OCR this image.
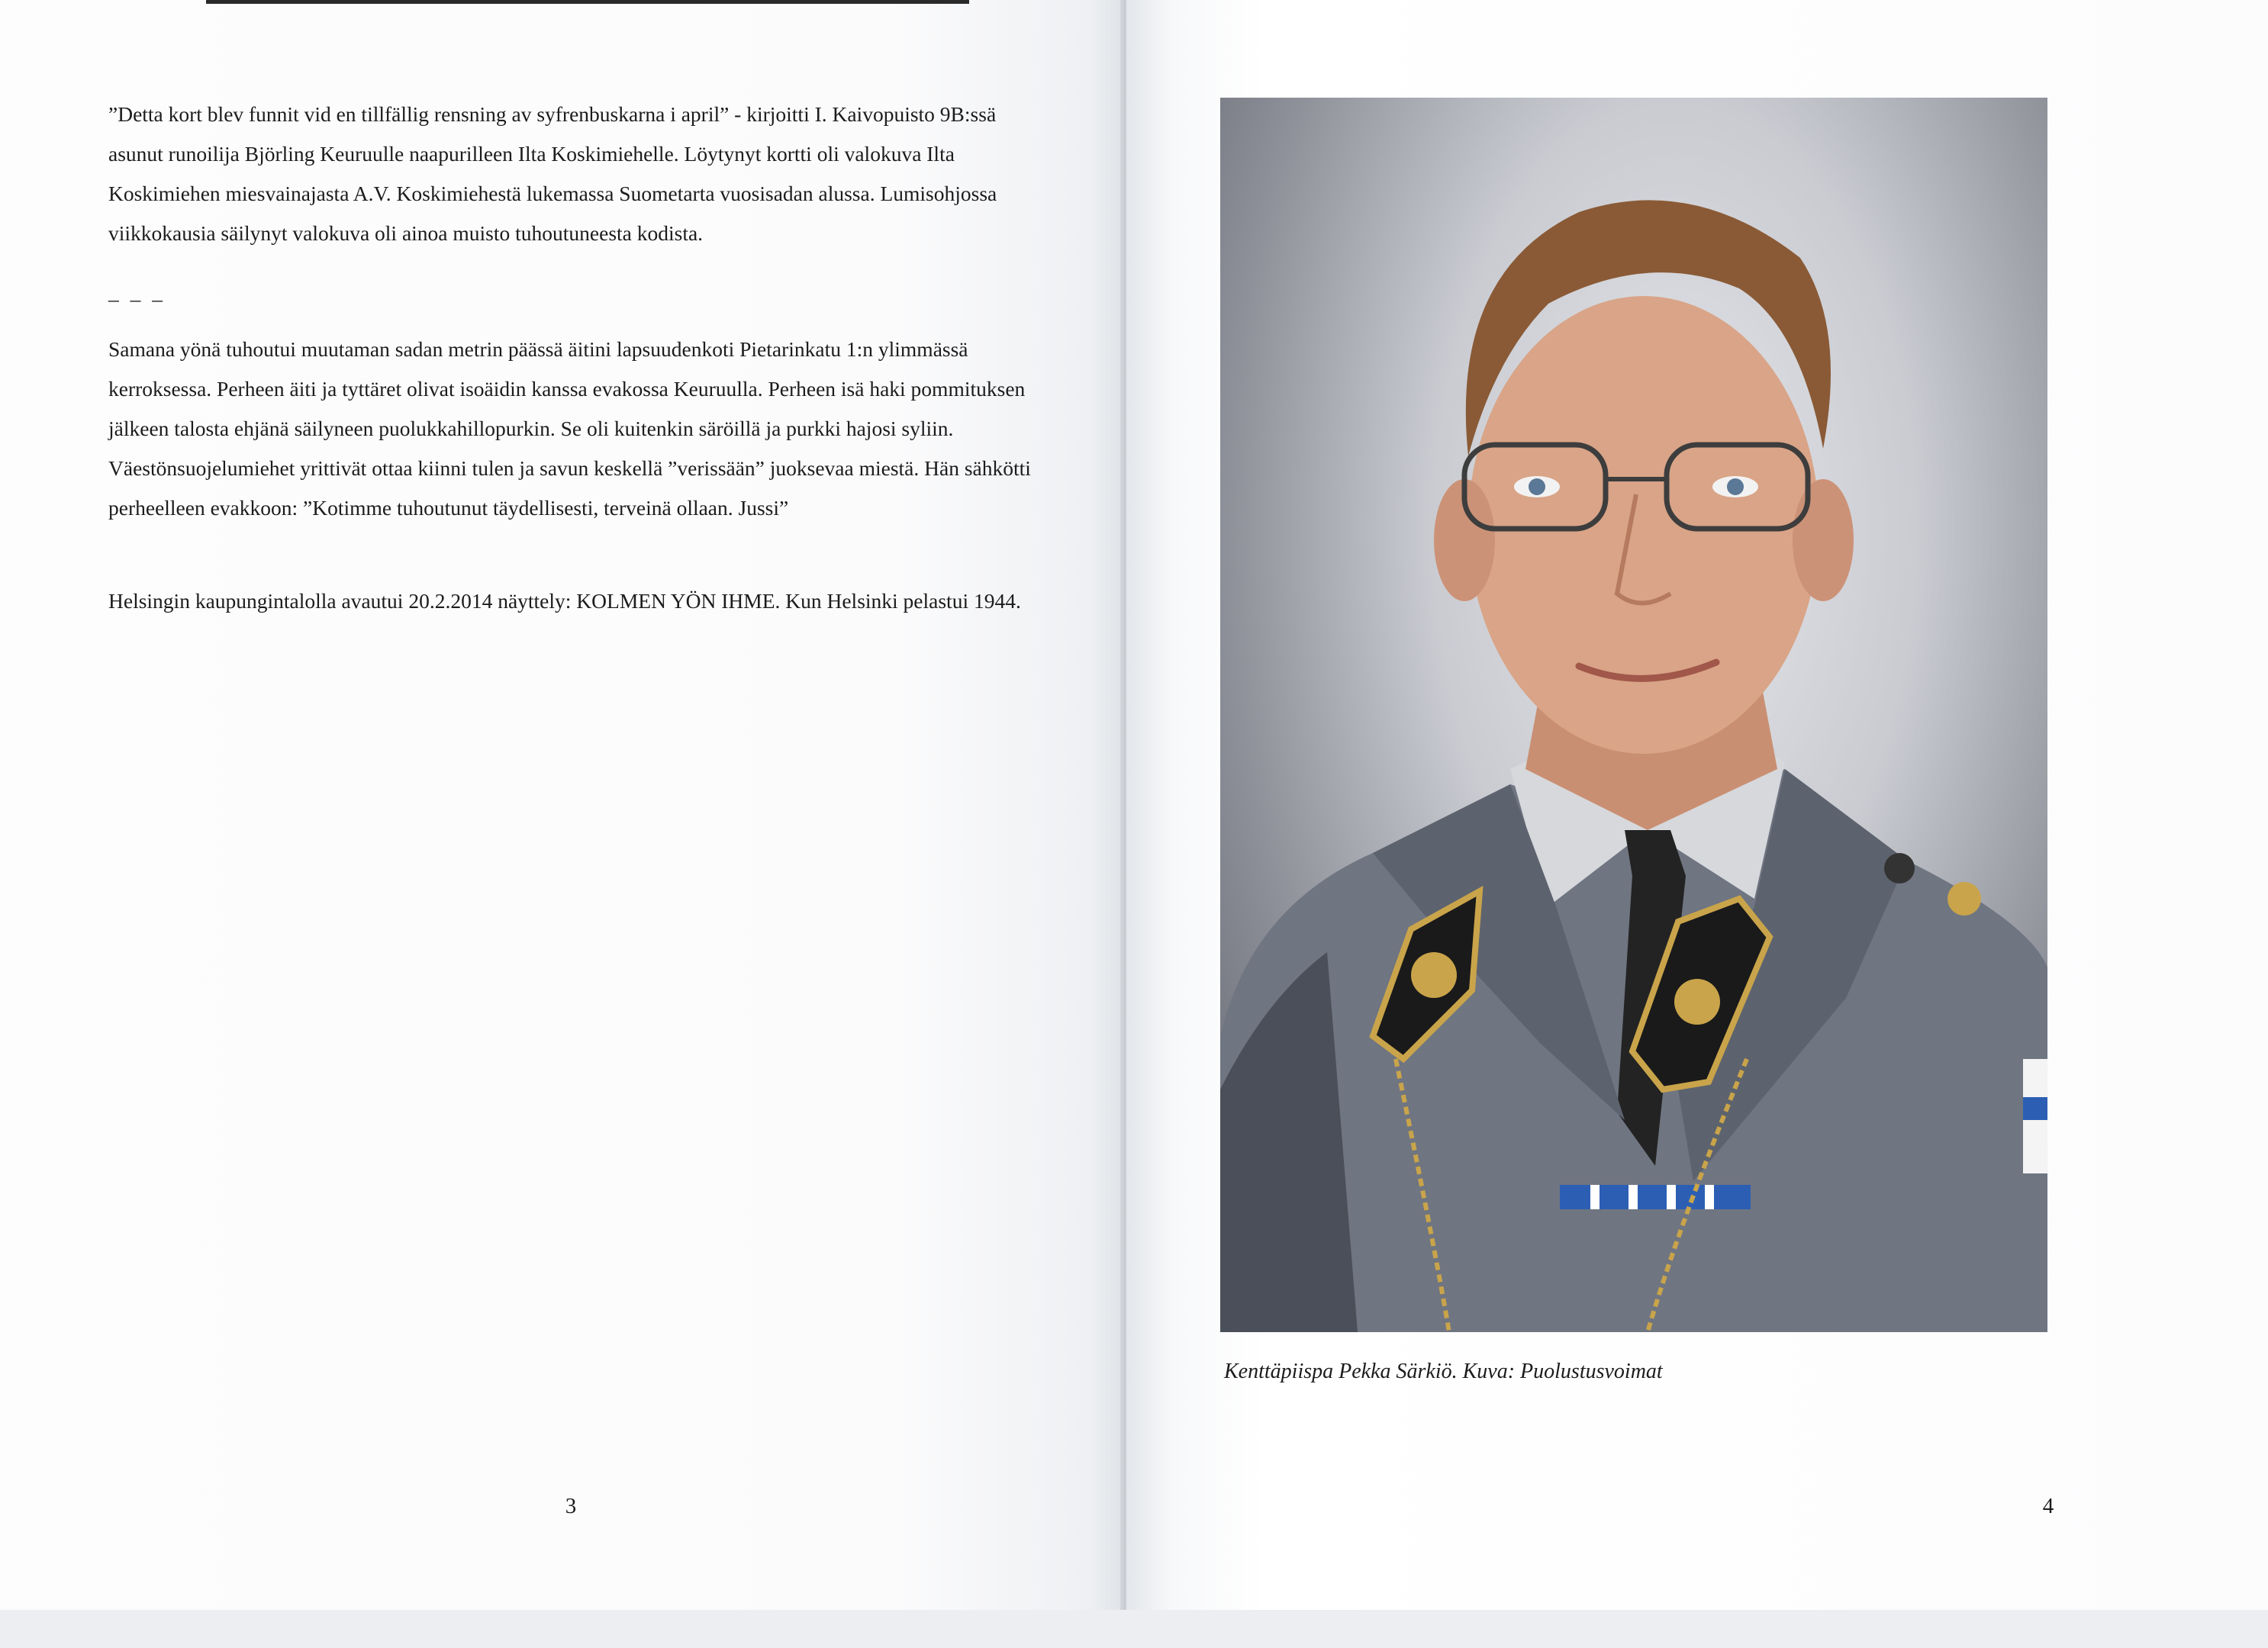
”Detta kort blev funnit vid en tillfällig rensning av syfrenbuskarna i april” - kirjoitti I. Kaivopuisto 9B:ssä asunut runoilija Björling Keuruulle naapurilleen Ilta Koskimiehelle. Löytynyt kortti oli valokuva Ilta Koskimiehen miesvainajasta A.V. Koskimiehestä lukemassa Suometarta vuosisadan alussa. Lumisohjossa viikkokausia säilynyt valokuva oli ainoa muisto tuhoutuneesta kodista.

– – –

Samana yönä tuhoutui muutaman sadan metrin päässä äitini lapsuudenkoti Pietarinkatu 1:n ylimmässä kerroksessa. Perheen äiti ja tyttäret olivat isoäidin kanssa evakossa Keuruulla. Perheen isä haki pommituksen jälkeen talosta ehjänä säilyneen puolukkahillopurkin. Se oli kuitenkin säröillä ja purkki hajosi syliin. Väestönsuojelumiehet yrittivät ottaa kiinni tulen ja savun keskellä ”verissään” juoksevaa miestä. Hän sähkötti perheelleen evakkoon: ”Kotimme tuhoutunut täydellisesti, terveinä ollaan. Jussi”

Helsingin kaupungintalolla avautui 20.2.2014 näyttely: KOLMEN YÖN IHME. Kun Helsinki pelastui 1944.

3	4
Kenttäpiispa Pekka Särkiö. Kuva: Puolustusvoimat
